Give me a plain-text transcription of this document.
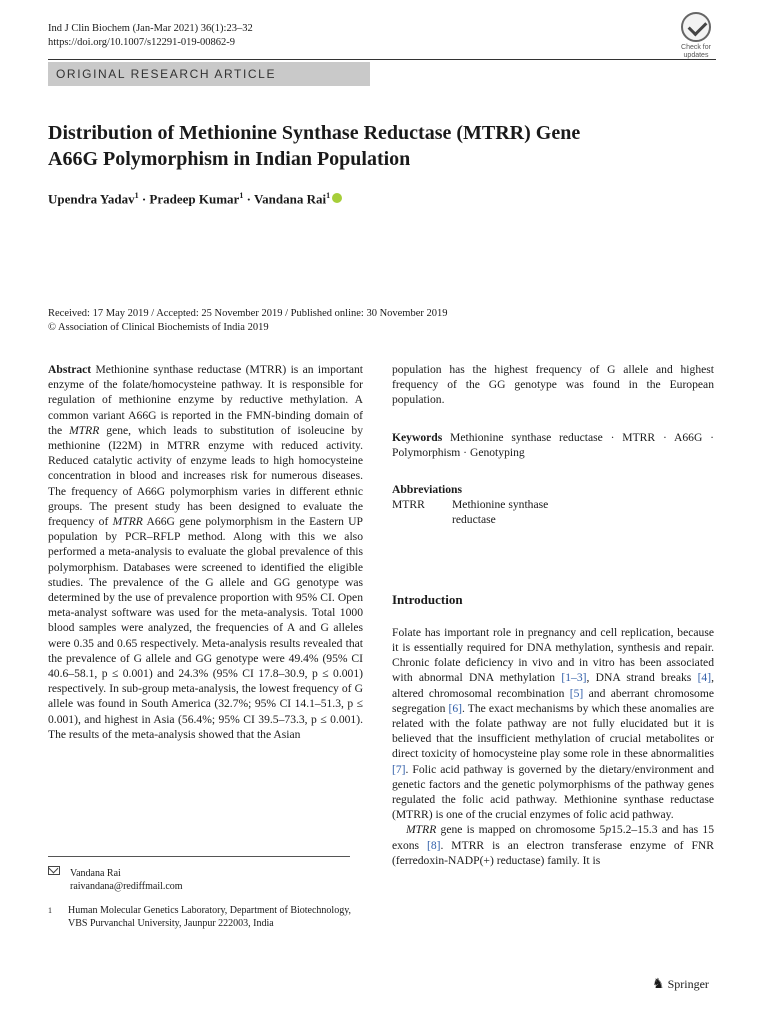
Ind J Clin Biochem (Jan-Mar 2021) 36(1):23–32
https://doi.org/10.1007/s12291-019-00862-9	Check for updates
ORIGINAL RESEARCH ARTICLE
Distribution of Methionine Synthase Reductase (MTRR) Gene
A66G Polymorphism in Indian Population
Upendra Yadav$^1$ · Pradeep Kumar$^1$ · Vandana Rai$^1$
Received: 17 May 2019 / Accepted: 25 November 2019 / Published online: 30 November 2019
© Association of Clinical Biochemists of India 2019

Abstract Methionine synthase reductase (MTRR) is an important enzyme of the folate/homocysteine pathway. It is responsible for regulation of methionine enzyme by reductive methylation. A common variant A66G is reported in the FMN-binding domain of the MTRR gene, which leads to substitution of isoleucine by methionine (I22M) in MTRR enzyme with reduced activity. Reduced catalytic activity of enzyme leads to high homocysteine concentration in blood and increases risk for numerous diseases. The frequency of A66G polymorphism varies in different ethnic groups. The present study has been designed to evaluate the frequency of MTRR A66G gene polymorphism in the Eastern UP population by PCR–RFLP method. Along with this we also performed a meta-analysis to evaluate the global prevalence of this polymorphism. Databases were screened to identified the eligible studies. The prevalence of the G allele and GG genotype was determined by the use of prevalence proportion with 95% CI. Open meta-analyst software was used for the meta-analysis. Total 1000 blood samples were analyzed, the frequencies of A and G alleles were 0.35 and 0.65 respectively. Meta-analysis results revealed that the prevalence of G allele and GG genotype were 49.4% (95% CI 40.6–58.1, p ≤ 0.001) and 24.3% (95% CI 17.8–30.9, p ≤ 0.001) respectively. In sub-group meta-analysis, the lowest frequency of G allele was found in South America (32.7%; 95% CI 14.1–51.3, p ≤ 0.001), and highest in Asia (56.4%; 95% CI 39.5–73.3, p ≤ 0.001). The results of the meta-analysis showed that the Asian

population has the highest frequency of G allele and highest frequency of the GG genotype was found in the European population.

Keywords Methionine synthase reductase · MTRR · A66G · Polymorphism · Genotyping

Abbreviations

MTRR	Methionine synthase reductase

Introduction

Folate has important role in pregnancy and cell replication, because it is essentially required for DNA methylation, synthesis and repair. Chronic folate deficiency in vivo and in vitro has been associated with abnormal DNA methylation [1–3], DNA strand breaks [4], altered chromosomal recombination [5] and aberrant chromosome segregation [6]. The exact mechanisms by which these anomalies are related with the folate pathway are not fully elucidated but it is believed that the insufficient methylation of crucial metabolites or direct toxicity of homocysteine play some role in these abnormalities [7]. Folic acid pathway is governed by the dietary/environment and genetic factors and the genetic polymorphisms of the pathway genes regulated the folic acid pathway. Methionine synthase reductase (MTRR) is one of the crucial enzymes of folic acid pathway.

MTRR gene is mapped on chromosome 5p15.2–15.3 and has 15 exons [8]. MTRR is an electron transferase enzyme of FNR (ferredoxin-NADP(+) reductase) family. It is

Vandana Rai
raivandana@rediffmail.com
1 Human Molecular Genetics Laboratory, Department of Biotechnology, VBS Purvanchal University, Jaunpur 222003, India
♞ Springer
